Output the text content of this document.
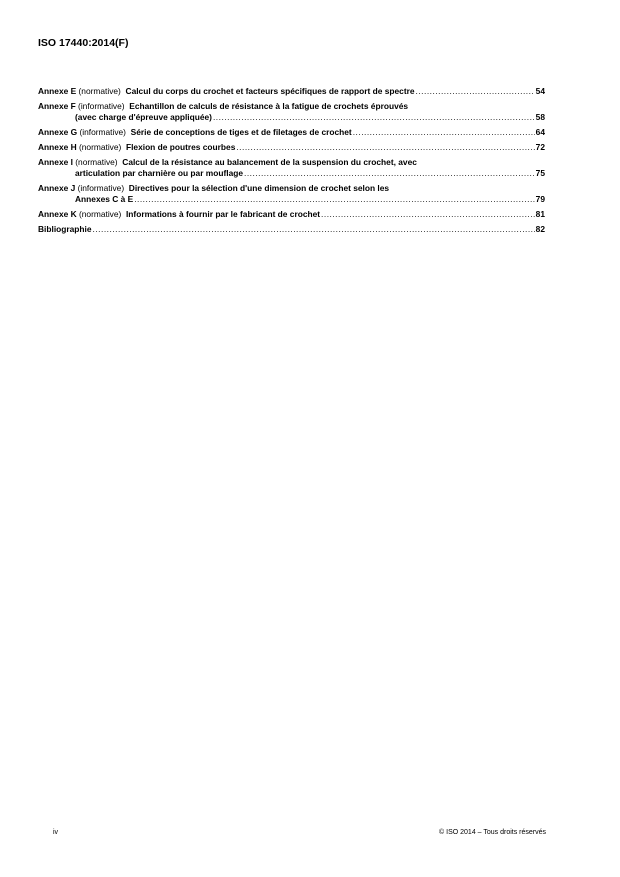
ISO 17440:2014(F)
Annexe E (normative) Calcul du corps du crochet et facteurs spécifiques de rapport de spectre .....	54
Annexe F (informative) Echantillon de calculs de résistance à la fatigue de crochets éprouvés
(avec charge d'épreuve appliquée) .....	58
Annexe G (informative) Série de conceptions de tiges et de filetages de crochet .....	64
Annexe H (normative) Flexion de poutres courbes .....	72
Annexe I (normative) Calcul de la résistance au balancement de la suspension du crochet, avec
articulation par charnière ou par mouflage .....	75
Annexe J (informative) Directives pour la sélection d'une dimension de crochet selon les
Annexes C à E .....	79
Annexe K (normative) Informations à fournir par le fabricant de crochet .....	81
Bibliographie .....	82
iv	© ISO 2014 – Tous droits réservés
